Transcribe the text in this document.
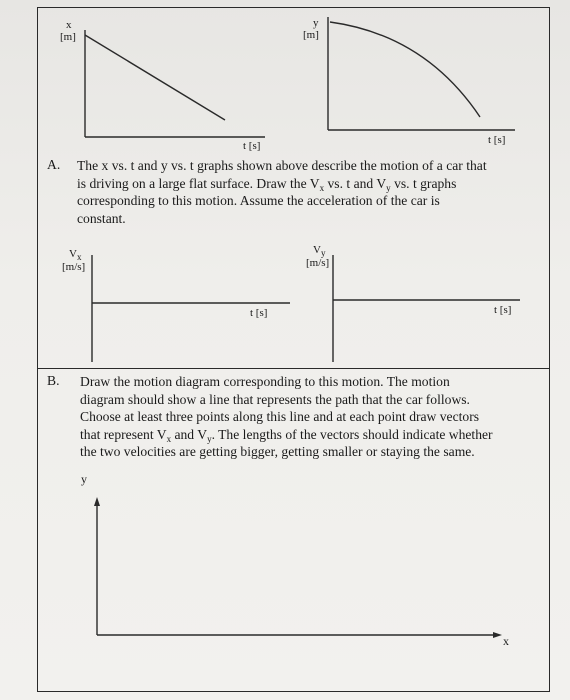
x
[m]
t [s]
y
[m]
t [s]
A. The x vs. t and y vs. t graphs shown above describe the motion of a car that
is driving on a large flat surface. Draw the $V_x$ vs. t and $V_y$ vs. t graphs
corresponding to this motion. Assume the acceleration of the car is
constant.
$V_x$
[m/s]
t [s]
$V_y$
[m/s]
t [s]
B. Draw the motion diagram corresponding to this motion. The motion
diagram should show a line that represents the path that the car follows.
Choose at least three points along this line and at each point draw vectors
that represent $V_x$ and $V_y$. The lengths of the vectors should indicate whether
the two velocities are getting bigger, getting smaller or staying the same.
y
x
